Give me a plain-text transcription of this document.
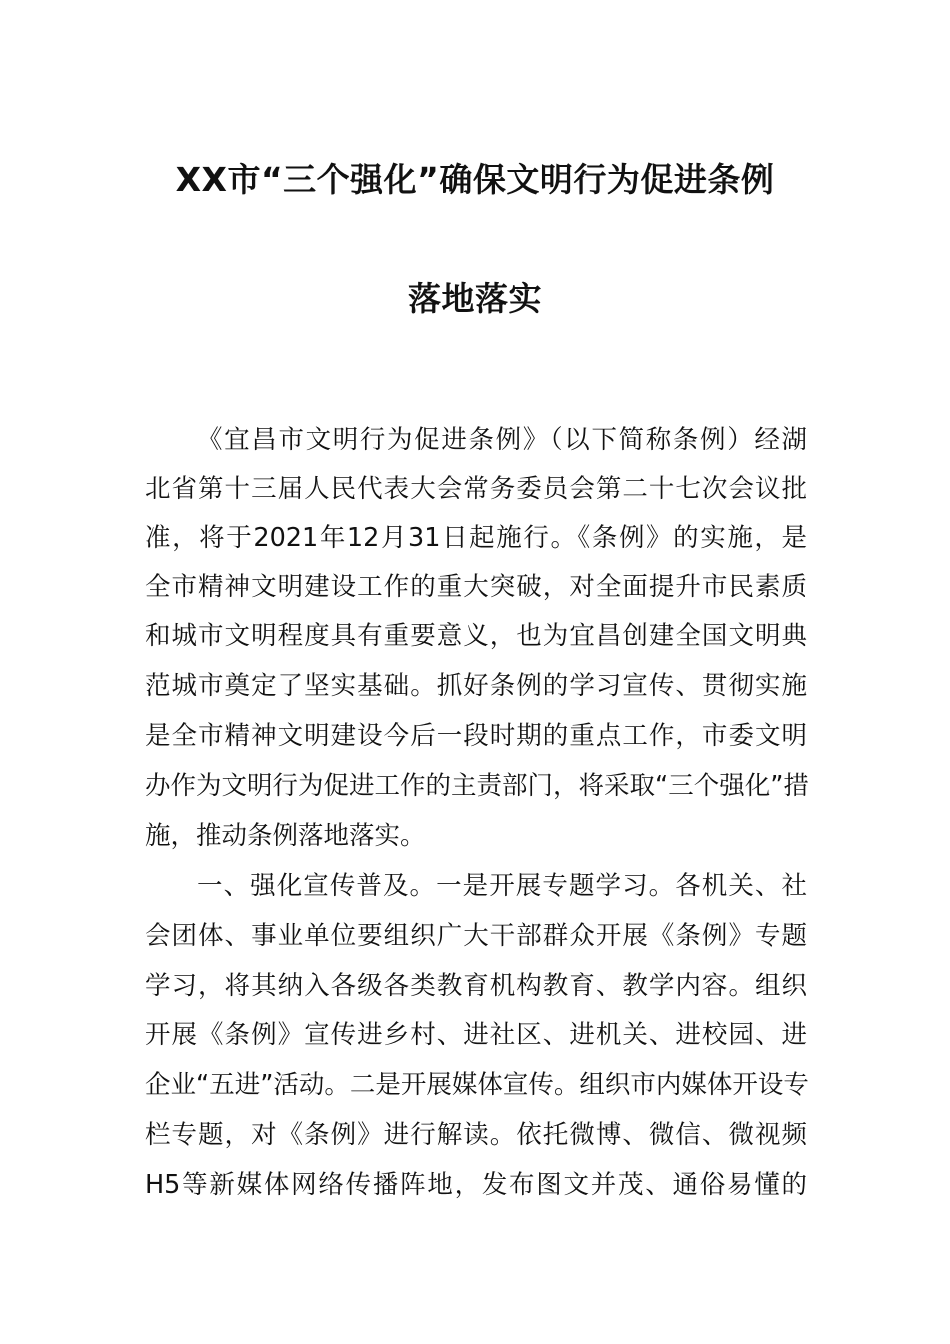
XX市“三个强化”确保文明行为促进条例
落地落实
《宜昌市文明行为促进条例》（以下简称条例）经湖
北省第十三届人民代表大会常务委员会第二十七次会议批
准，将于2021年12月31日起施行。《条例》的实施，是
全市精神文明建设工作的重大突破，对全面提升市民素质
和城市文明程度具有重要意义，也为宜昌创建全国文明典
范城市奠定了坚实基础。抓好条例的学习宣传、贯彻实施
是全市精神文明建设今后一段时期的重点工作，市委文明
办作为文明行为促进工作的主责部门，将采取“三个强化”措
施，推动条例落地落实。
一、强化宣传普及。一是开展专题学习。各机关、社
会团体、事业单位要组织广大干部群众开展《条例》专题
学习，将其纳入各级各类教育机构教育、教学内容。组织
开展《条例》宣传进乡村、进社区、进机关、进校园、进
企业“五进”活动。二是开展媒体宣传。组织市内媒体开设专
栏专题，对《条例》进行解读。依托微博、微信、微视频
H5等新媒体网络传播阵地，发布图文并茂、通俗易懂的
